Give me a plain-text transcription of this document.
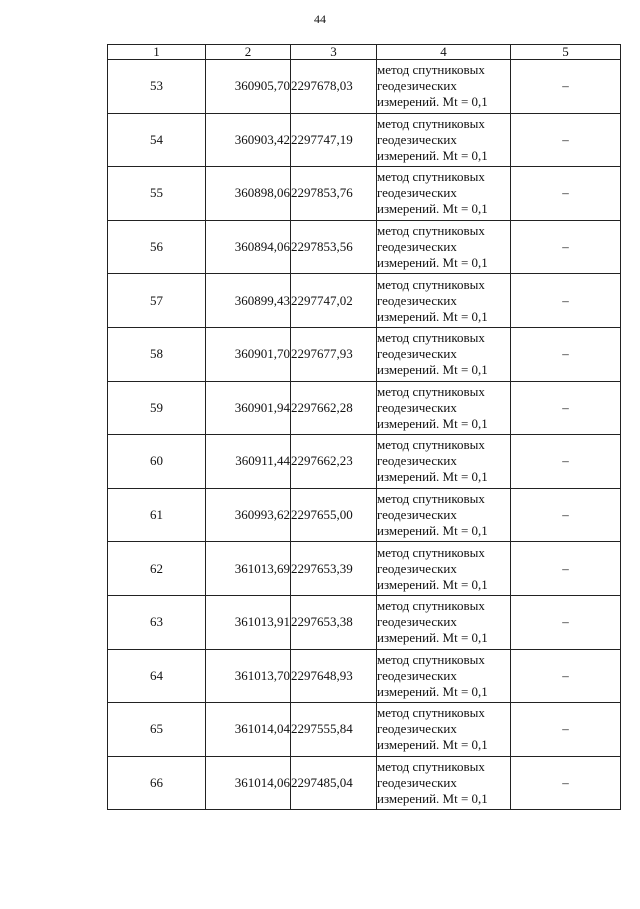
44
1	2	3	4	5
53	360905,70	2297678,03	метод спутниковых
геодезических
измерений. Mt = 0,1	–
54	360903,42	2297747,19	метод спутниковых
геодезических
измерений. Mt = 0,1	–
55	360898,06	2297853,76	метод спутниковых
геодезических
измерений. Mt = 0,1	–
56	360894,06	2297853,56	метод спутниковых
геодезических
измерений. Mt = 0,1	–
57	360899,43	2297747,02	метод спутниковых
геодезических
измерений. Mt = 0,1	–
58	360901,70	2297677,93	метод спутниковых
геодезических
измерений. Mt = 0,1	–
59	360901,94	2297662,28	метод спутниковых
геодезических
измерений. Mt = 0,1	–
60	360911,44	2297662,23	метод спутниковых
геодезических
измерений. Mt = 0,1	–
61	360993,62	2297655,00	метод спутниковых
геодезических
измерений. Mt = 0,1	–
62	361013,69	2297653,39	метод спутниковых
геодезических
измерений. Mt = 0,1	–
63	361013,91	2297653,38	метод спутниковых
геодезических
измерений. Mt = 0,1	–
64	361013,70	2297648,93	метод спутниковых
геодезических
измерений. Mt = 0,1	–
65	361014,04	2297555,84	метод спутниковых
геодезических
измерений. Mt = 0,1	–
66	361014,06	2297485,04	метод спутниковых
геодезических
измерений. Mt = 0,1	–
